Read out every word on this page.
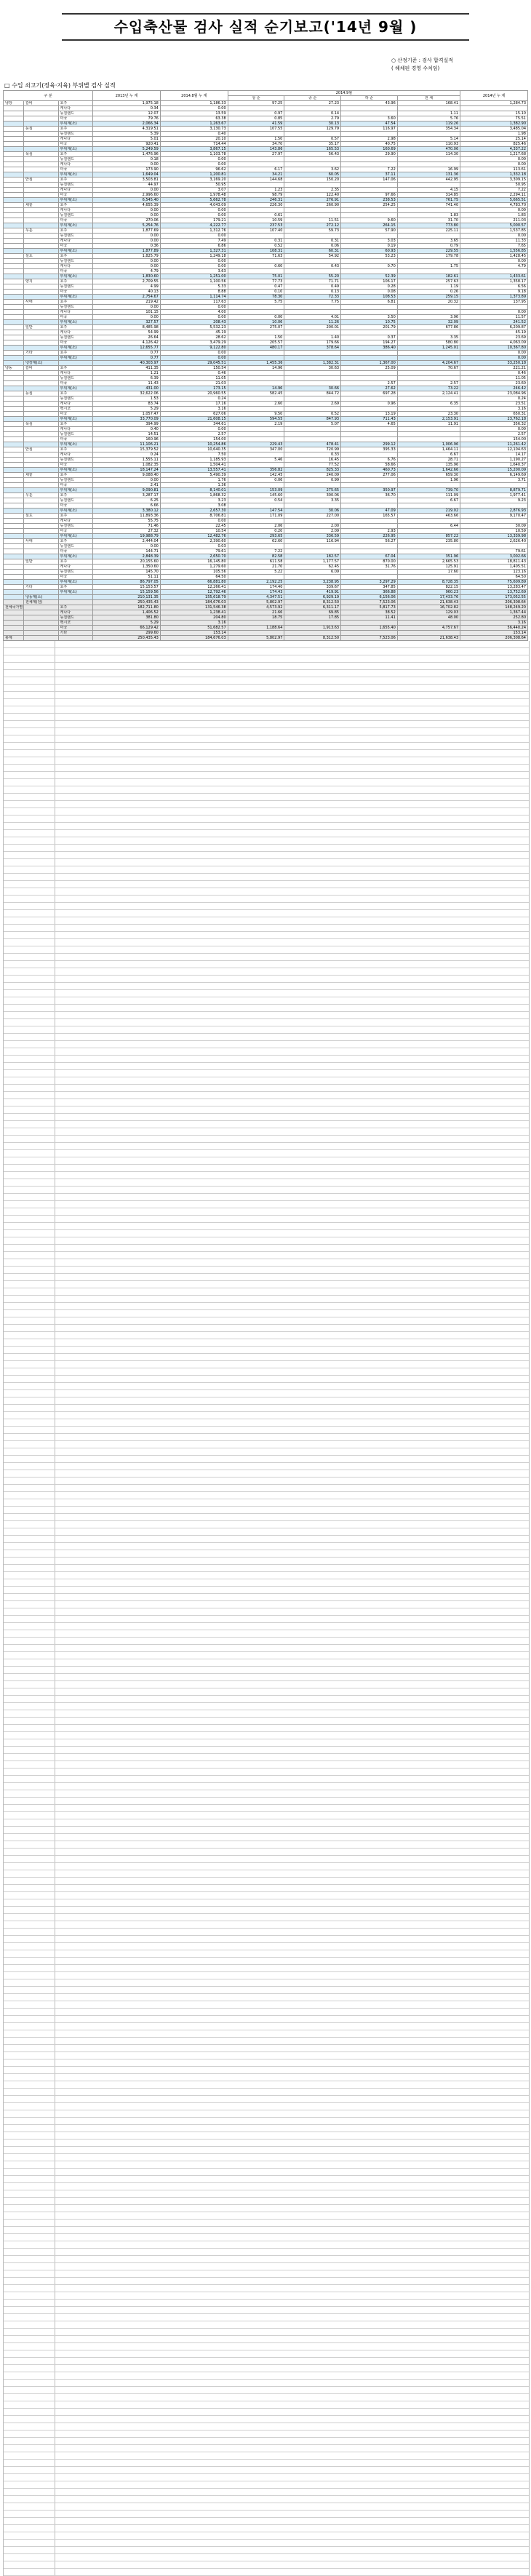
수입축산물 검사 실적 순기보고('14년 9월 )
○ 산정기준 : 검사 합격실적
( 해체된 경영 수치임)
□ 수입 쇠고기(정육·지육) 부위별 검사 실적
구 분			2013년 누 계	2014.8월 누 계	2014.9월				2014년 누 계
					상 순	중 순	하 순	전 체	
냉장	갈비	호주	1,975.18	1,186.33	97.25	27.23	43.96	168.41	1,284.73
		캐나다	0.34	0.00					
		뉴질랜드	12.07	13.59	0.97	0.14		1.11	15.10
		미국	79.76	63.38	0.85	2.79	3.60	5.76	75.51
		부위계(소)	2,066.34	1,263.67	41.59	30.13	47.54	119.26	1,382.90
	등심	호주	4,319.51	3,130.73	107.55	129.79	116.97	354.34	3,485.04
		뉴질랜드	5.39	0.40					1.98
		캐나다	5.01	20.10	1.50	0.57	2.98	5.14	25.14
		미국	920.41	714.44	34.70	35.17	40.75	110.93	825.46
		부위계(소)	5,249.59	3,867.15	143.86	165.53	160.69	470.06	4,337.22
	목심	호주	1,476.96	1,103.78	27.97	56.43	29.90	114.30	1,217.68
		뉴질랜드	0.18	0.00					0.00
		캐나다	0.00	0.00					0.00
		미국	173.90	96.62	6.17	3.62	7.22	16.99	113.61
		부위계(소)	1,649.04	1,200.81	34.21	60.05	37.11	131.36	1,332.18
	안심	호주	3,503.81	3,169.20	144.68	150.20	147.06	442.95	3,309.15
		뉴질랜드	44.97	50.95					50.95
		캐나다	0.00	3.07	1.23	2.35		4.15	7.22
		미국	2,996.60	1,978.48	98.79	122.40	97.66	314.85	2,294.11
		부위계(소)	6,545.40	5,662.78	246.31	276.91	238.53	761.75	5,665.51
	채끝	호주	4,655.39	4,043.09	226.30	260.90	254.25	741.40	4,783.70
		캐나다	0.00	0.00					0.00
		뉴질랜드	0.00	0.00	0.61			1.83	1.83
		미국	270.06	179.21	10.59	11.51	9.60	31.70	211.03
		부위계(소)	5,254.76	4,222.77	237.53	272.12	264.15	773.80	5,000.57
	우둔	호주	1,877.69	1,312.76	107.40	59.73	57.90	225.11	1,537.85
		뉴질랜드	0.00	0.00					0.00
		캐나다	0.00	7.49	0.31	0.31	3.03	3.65	11.33
		미국	0.36	6.86	0.52	0.06	0.19	0.79	7.65
		부위계(소)	1,877.89	1,327.31	108.31	60.31	60.93	229.55	1,556.85
	설도	호주	1,825.79	1,249.18	71.63	54.92	53.23	179.78	1,428.45
		뉴질랜드	0.00	0.00					0.00
		캐나다	0.00	0.00	0.60	0.43	0.70	1.75	4.79
		미국	4.79	3.63					
		부위계(소)	1,830.60	1,251.00	75.01	55.20	52.39	182.61	1,433.61
	양지	호주	2,709.55	1,100.56	77.73	71.71	106.17	257.63	1,358.17
		뉴질랜드	4.99	5.33	0.47	0.49	0.28	1.19	6.56
		미국	40.13	8.88	0.10	0.13	0.08	0.26	9.18
		부위계(소)	2,754.67	1,114.74	78.30	72.33	108.53	259.15	1,373.89
	사태	호주	219.42	117.63	5.75	7.75	6.81	20.32	137.95
		뉴질랜드	0.00	0.00					
		캐나다	101.15	4.00					0.00
		미국	0.00	0.00	0.00	4.01	3.50	3.96	11.57
		부위계(소)	327.57	208.43	10.06	11.26	10.75	32.09	241.52
	일반	호주	8,485.98	5,532.23	275.07	200.01	201.79	677.86	6,209.87
		캐나다	54.99	45.19					45.19
		뉴질랜드	26.64	28.62	1.50	1.40	0.37	3.35	23.69
		미국	4,126.42	3,479.29	205.57	179.66	194.27	580.80	4,063.09
		부위계(소)	12,655.77	9,122.80	480.17	378.64	386.40	1,245.01	10,367.80
	기타	호주	0.77	0.00					0.00
		부위계(소)	0.77	0.00					0.00
	냉장계(소)		40,303.97	29,045.51	1,455.36	1,382.31	1,367.00	4,204.67	33,250.18
냉동	갈비	호주	411.35	150.54	14.96	30.63	25.09	70.67	221.21
		캐나다	1.21	0.46					0.46
		뉴질랜드	6.39	11.05					11.05
		미국	11.43	21.03			2.57	2.57	23.60
		부위계(소)	431.00	173.15	14.96	30.66	27.62	73.22	246.42
	등심	호주	32,622.06	20,960.55	582.45	844.72	697.28	2,124.41	23,084.96
		뉴질랜드	1.53	0.24					0.24
		캐나다	83.74	17.16	2.60	2.69	0.96	6.35	23.51
		멕시코	5.29	3.16					3.16
		미국	1,057.47	627.06	9.50	0.52	13.19	23.30	650.31
		부위계(소)	33,770.09	21,608.15	594.55	847.93	711.43	2,153.91	23,762.18
	목심	호주	394.99	344.61	2.19	5.07	4.65	11.91	356.32
		캐나다	0.40	0.00					0.00
		뉴질랜드	14.51	2.57					2.57
		미국	160.96	154.00					154.00
		부위계(소)	11,106.21	10,254.86	229.43	478.41	299.12	1,006.96	11,261.42
	안심	호주	15,379.52	10,640.35	347.00	720.99	395.33	1,464.11	12,104.63
		캐나다	0.24	7.50		0.33		6.67	14.17
		뉴질랜드	1,555.11	1,185.93	5.46	16.45	6.76	28.71	1,190.27
		미국	1,082.35	1,504.41		77.52	58.66	135.96	1,640.37
		부위계(소)	18,147.24	13,557.41	356.82	825.33	460.73	1,642.66	15,200.09
	채끝	호주	9,088.40	5,490.39	142.45	240.09	277.06	659.30	6,149.69
		뉴질랜드	0.00	1.76	0.06	0.99		1.96	3.71
		미국	2.41	1.36					
		부위계(소)	9,090.81	8,140.01	153.09	275.65	350.97	739.70	8,879.71
	우둔	호주	3,287.17	1,868.32	145.60	300.06	36.70	111.09	1,977.41
		뉴질랜드	6.25	3.23	0.54	3.35		6.67	9.23
		미국	6.66	3.08					
		부위계(소)	3,380.12	2,657.30	147.54	30.06	47.09	219.02	2,876.93
	설도	호주	11,893.36	8,706.81	171.09	227.00	165.57	463.66	9,170.47
		캐나다	55.75	0.00					
		뉴질랜드	71.46	22.45	2.06	2.00		6.44	30.09
		미국	27.32	10.54	0.20	2.09	2.93		10.59
		부위계(소)	19,988.79	12,482.76	293.65	336.59	226.95	857.22	13,339.98
	사태	호주	2,444.04	2,390.60	62.60	116.94	56.27	235.80	2,626.40
		뉴질랜드	0.00	0.03					
		미국	144.71	79.61	7.22				79.61
		부위계(소)	2,848.39	2,650.70	82.58	182.57	67.04	351.96	3,002.66
	일반	호주	20,155.60	16,145.80	611.58	1,177.57	870.00	2,665.53	18,811.43
		캐나다	1,350.60	1,279.60	21.70	62.45	31.76	125.91	1,405.51
		뉴질랜드	145.70	105.56	5.22	6.09		17.60	123.16
		미국	51.11	64.50					64.50
		부위계(소)	86,797.05	66,881.80	2,192.25	3,238.95	3,297.29	8,728.35	75,609.89
	기타	호주	15,153.57	12,266.41	174.40	339.67	347.85	822.15	13,283.47
		부위계(소)	15,159.56	12,792.46	174.43	419.91	366.88	960.23	13,752.69
	냉동계(소)		210,131.35	155,618.79	4,347.51	6,929.19	6,156.06	17,433.76	173,052.55
	전체계(전)		250,435.43	184,676.03	5,802.97	8,312.50	7,523.06	21,638.43	206,308.64
전체국가별		호주	182,711.80	131,546.38	4,573.92	6,311.17	5,817.73	16,702.82	148,249.20
		캐나다	1,406.52	1,238.41	21.66	69.85	38.52	129.03	1,367.44
		뉴질랜드	381.80	204.80	18.75	17.85	11.41	48.00	252.80
		멕시코	5.29	3.16					3.16
		미국	66,129.42	51,682.57	1,188.64	1,913.63	1,655.40	4,757.67	56,440.24
		기타	299.60	153.14					153.14
총계			250,435.43	184,676.03	5,802.97	8,312.50	7,523.06	21,638.43	206,308.64
